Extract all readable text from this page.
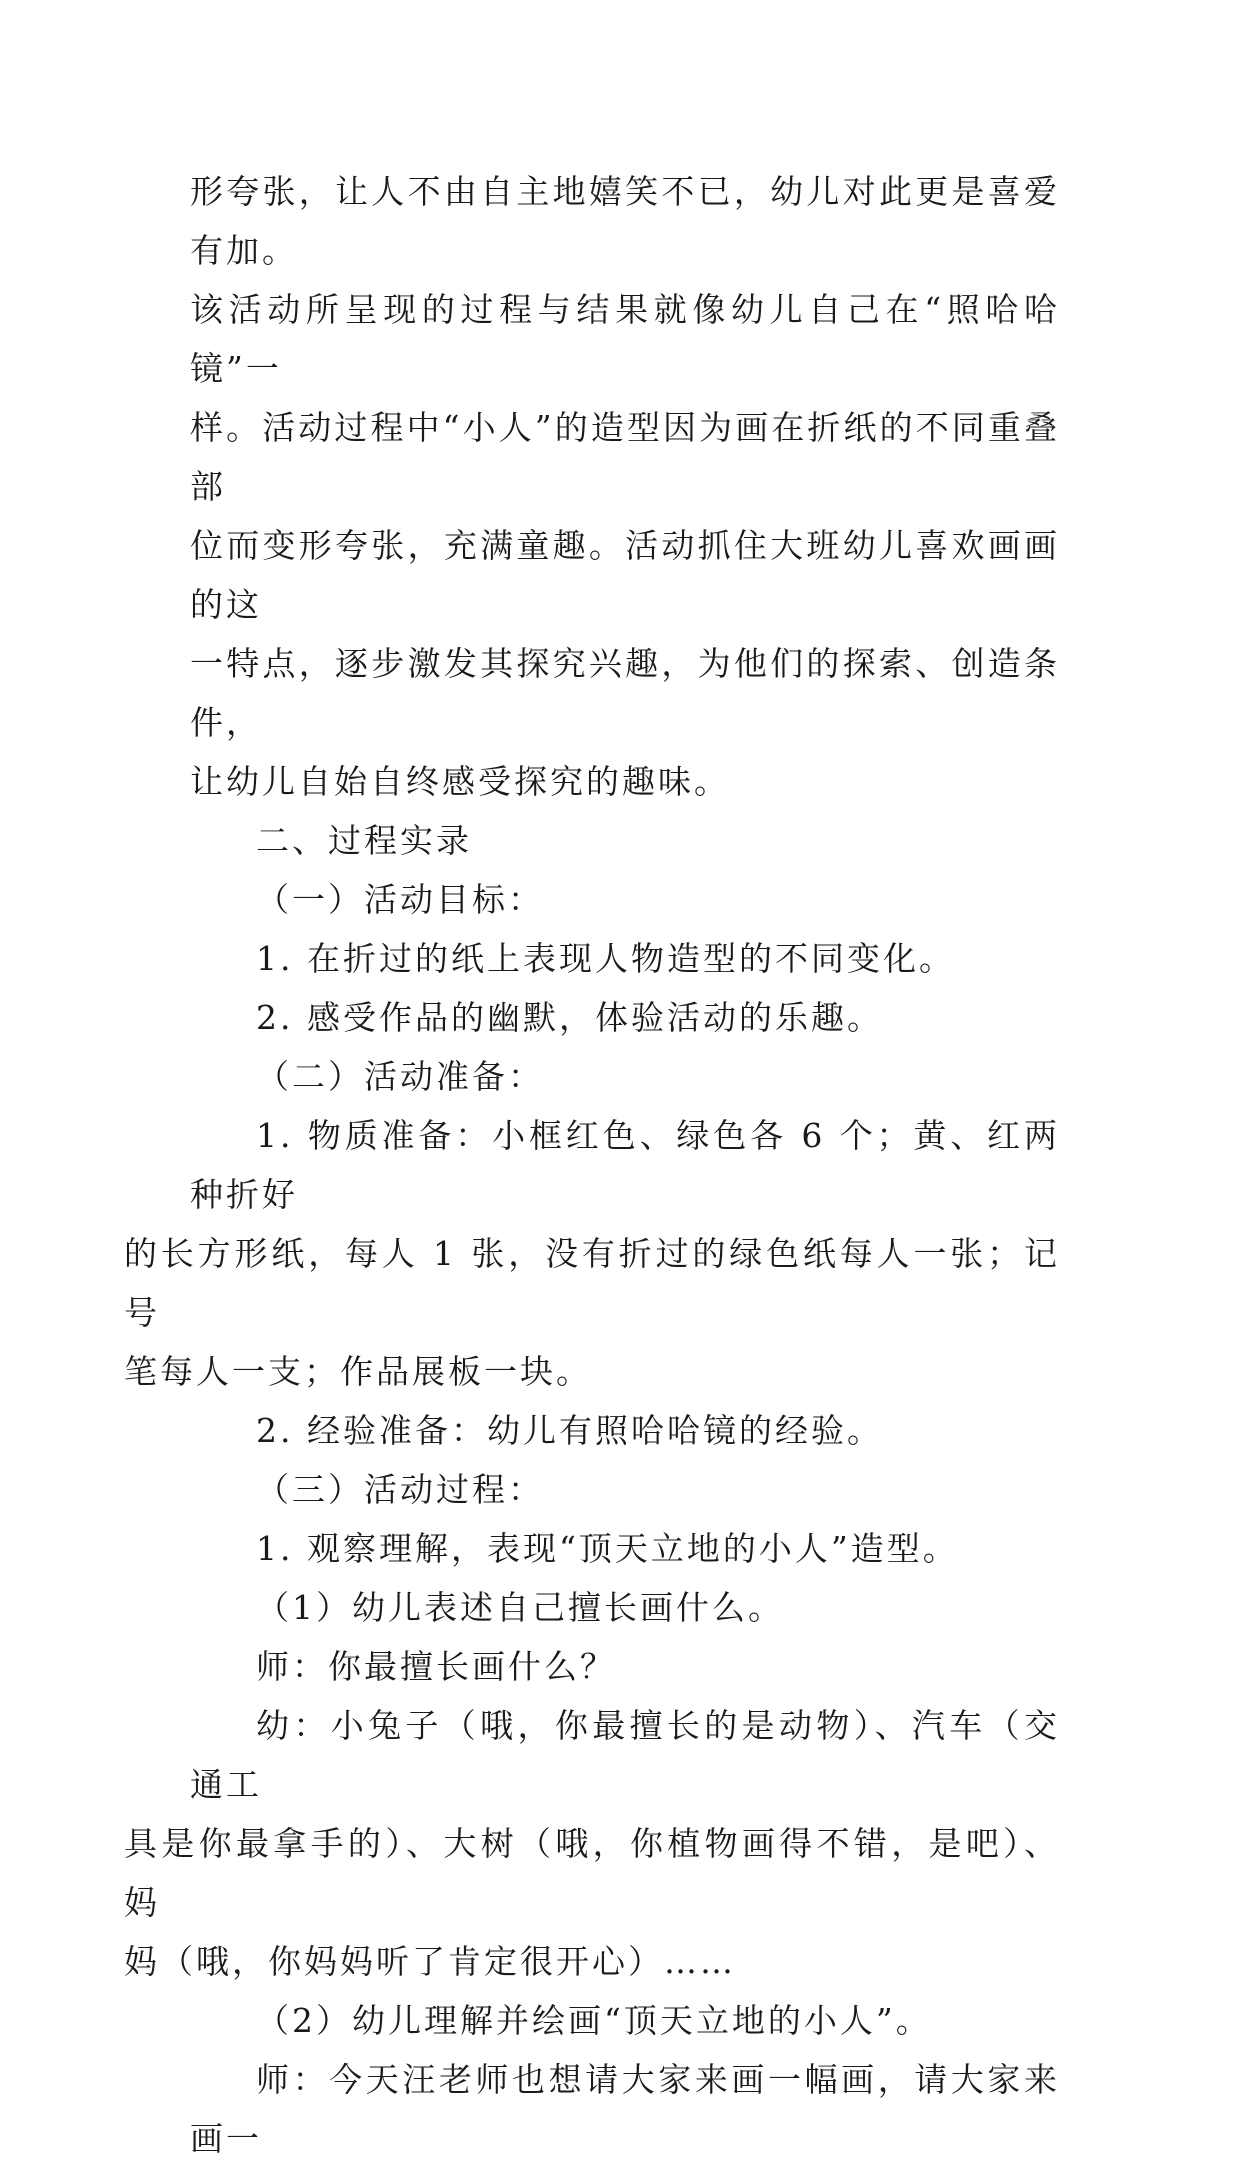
形夸张，让人不由自主地嬉笑不已，幼儿对此更是喜爱有加。
该活动所呈现的过程与结果就像幼儿自己在“照哈哈镜”一
样。活动过程中“小人”的造型因为画在折纸的不同重叠部
位而变形夸张，充满童趣。活动抓住大班幼儿喜欢画画的这
一特点，逐步激发其探究兴趣，为他们的探索、创造条件，
让幼儿自始自终感受探究的趣味。
二、过程实录
（一）活动目标：
1. 在折过的纸上表现人物造型的不同变化。
2. 感受作品的幽默，体验活动的乐趣。
（二）活动准备：
1. 物质准备：小框红色、绿色各 6 个；黄、红两种折好
的长方形纸，每人 1 张，没有折过的绿色纸每人一张；记号
笔每人一支；作品展板一块。
2. 经验准备：幼儿有照哈哈镜的经验。
（三）活动过程：
1. 观察理解，表现“顶天立地的小人”造型。
（1）幼儿表述自己擅长画什么。
师：你最擅长画什么？
幼：小兔子（哦，你最擅长的是动物）、汽车（交通工
具是你最拿手的）、大树（哦，你植物画得不错，是吧）、妈
妈（哦，你妈妈听了肯定很开心）……
（2）幼儿理解并绘画“顶天立地的小人”。
师：今天汪老师也想请大家来画一幅画，请大家来画一
